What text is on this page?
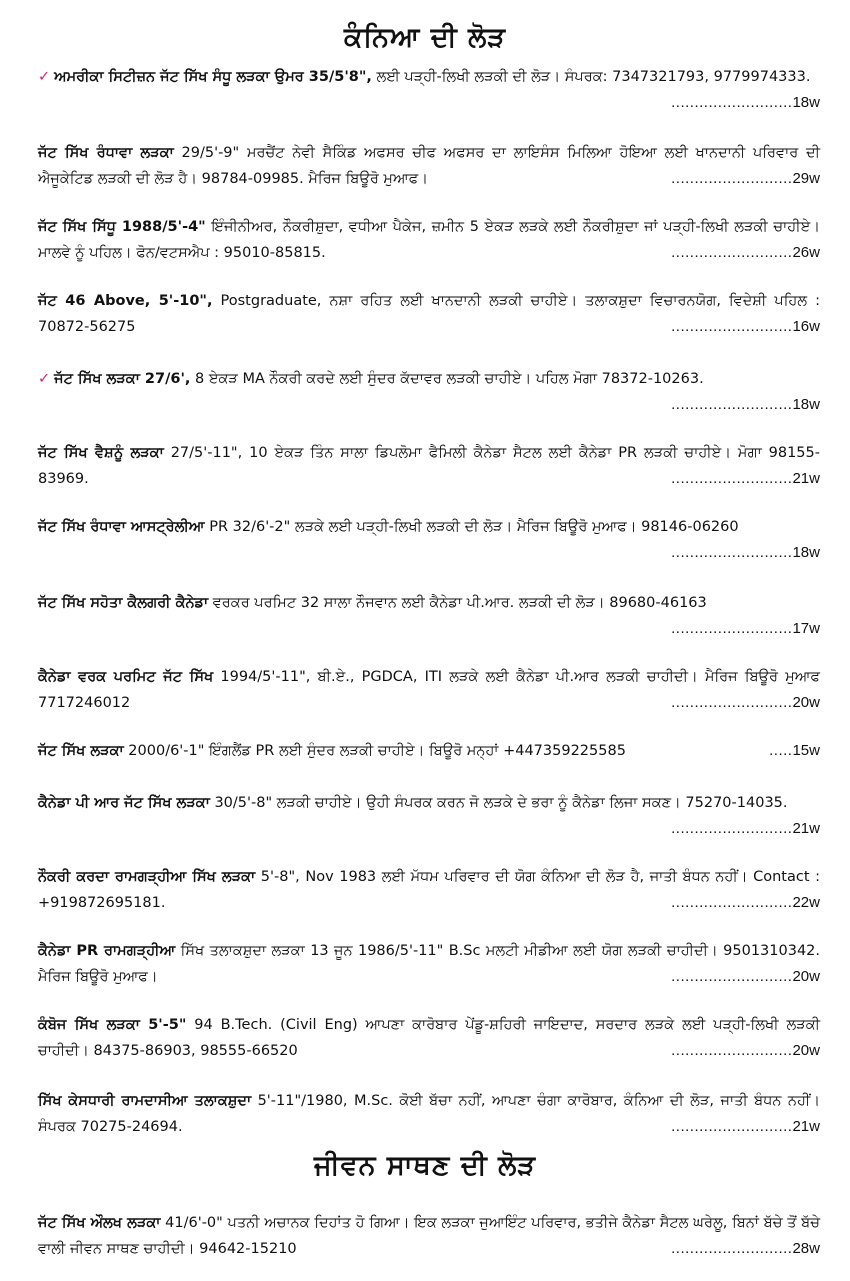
ਕੰਨਿਆ ਦੀ ਲੋੜ
✓ ਅਮਰੀਕਾ ਸਿਟੀਜ਼ਨ ਜੱਟ ਸਿੱਖ ਸੰਧੂ ਲੜਕਾ ਉਮਰ 35/5'8", ਲਈ ਪੜ੍ਹੀ-ਲਿਖੀ ਲੜਕੀ ਦੀ ਲੋੜ। ਸੰਪਰਕ: 7347321793, 9779974333.
..........................18w
ਜੱਟ ਸਿੱਖ ਰੰਧਾਵਾ ਲੜਕਾ 29/5'-9" ਮਰਚੈਂਟ ਨੇਵੀ ਸੈਕਿੰਡ ਅਫਸਰ ਚੀਫ ਅਫਸਰ ਦਾ ਲਾਇਸੰਸ ਮਿਲਿਆ ਹੋਇਆ ਲਈ ਖਾਨਦਾਨੀ ਪਰਿਵਾਰ ਦੀ ਐਜੂਕੇਟਿਡ ਲੜਕੀ ਦੀ ਲੋੜ ਹੈ। 98784-09985. ਮੈਰਿਜ ਬਿਊਰੋ ਮੁਆਫ।	..........................29w
ਜੱਟ ਸਿੱਖ ਸਿੱਧੂ 1988/5'-4" ਇੰਜੀਨੀਅਰ, ਨੌਕਰੀਸ਼ੁਦਾ, ਵਧੀਆ ਪੈਕੇਜ, ਜ਼ਮੀਨ 5 ਏਕੜ ਲੜਕੇ ਲਈ ਨੌਕਰੀਸ਼ੁਦਾ ਜਾਂ ਪੜ੍ਹੀ-ਲਿਖੀ ਲੜਕੀ ਚਾਹੀਏ। ਮਾਲਵੇ ਨੂੰ ਪਹਿਲ। ਫੋਨ/ਵਟਸਐਪ : 95010-85815.	..........................26w
ਜੱਟ 46 Above, 5'-10", Postgraduate, ਨਸ਼ਾ ਰਹਿਤ ਲਈ ਖਾਨਦਾਨੀ ਲੜਕੀ ਚਾਹੀਏ। ਤਲਾਕਸ਼ੁਦਾ ਵਿਚਾਰਨਯੋਗ, ਵਿਦੇਸ਼ੀ ਪਹਿਲ : 70872-56275	..........................16w
✓ ਜੱਟ ਸਿੱਖ ਲੜਕਾ 27/6', 8 ਏਕੜ MA ਨੌਕਰੀ ਕਰਦੇ ਲਈ ਸੁੰਦਰ ਕੱਦਾਵਰ ਲੜਕੀ ਚਾਹੀਏ। ਪਹਿਲ ਮੋਗਾ 78372-10263.
..........................18w
ਜੱਟ ਸਿੱਖ ਵੈਸ਼ਨੂੰ ਲੜਕਾ 27/5'-11", 10 ਏਕੜ ਤਿੰਨ ਸਾਲਾ ਡਿਪਲੋਮਾ ਫੈਮਿਲੀ ਕੈਨੇਡਾ ਸੈਟਲ ਲਈ ਕੈਨੇਡਾ PR ਲੜਕੀ ਚਾਹੀਏ। ਮੋਗਾ 98155-83969.	..........................21w
ਜੱਟ ਸਿੱਖ ਰੰਧਾਵਾ ਆਸਟ੍ਰੇਲੀਆ PR 32/6'-2" ਲੜਕੇ ਲਈ ਪੜ੍ਹੀ-ਲਿਖੀ ਲੜਕੀ ਦੀ ਲੋੜ। ਮੈਰਿਜ ਬਿਊਰੋ ਮੁਆਫ। 98146-06260
..........................18w
ਜੱਟ ਸਿੱਖ ਸਹੋਤਾ ਕੈਲਗਰੀ ਕੈਨੇਡਾ ਵਰਕਰ ਪਰਮਿਟ 32 ਸਾਲਾ ਨੌਜਵਾਨ ਲਈ ਕੈਨੇਡਾ ਪੀ.ਆਰ. ਲੜਕੀ ਦੀ ਲੋੜ। 89680-46163
..........................17w
ਕੈਨੇਡਾ ਵਰਕ ਪਰਮਿਟ ਜੱਟ ਸਿੱਖ 1994/5'-11", ਬੀ.ਏ., PGDCA, ITI ਲੜਕੇ ਲਈ ਕੈਨੇਡਾ ਪੀ.ਆਰ ਲੜਕੀ ਚਾਹੀਦੀ। ਮੈਰਿਜ ਬਿਊਰੋ ਮੁਆਫ 7717246012	..........................20w
ਜੱਟ ਸਿੱਖ ਲੜਕਾ 2000/6'-1" ਇੰਗਲੈਂਡ PR ਲਈ ਸੁੰਦਰ ਲੜਕੀ ਚਾਹੀਏ। ਬਿਊਰੋ ਮਨ੍ਹਾਂ +447359225585	.....15w
ਕੈਨੇਡਾ ਪੀ ਆਰ ਜੱਟ ਸਿੱਖ ਲੜਕਾ 30/5'-8" ਲੜਕੀ ਚਾਹੀਏ। ਉਹੀ ਸੰਪਰਕ ਕਰਨ ਜੋ ਲੜਕੇ ਦੇ ਭਰਾ ਨੂੰ ਕੈਨੇਡਾ ਲਿਜਾ ਸਕਣ। 75270-14035.
..........................21w
ਨੌਕਰੀ ਕਰਦਾ ਰਾਮਗੜ੍ਹੀਆ ਸਿੱਖ ਲੜਕਾ 5'-8", Nov 1983 ਲਈ ਮੱਧਮ ਪਰਿਵਾਰ ਦੀ ਯੋਗ ਕੰਨਿਆ ਦੀ ਲੋੜ ਹੈ, ਜਾਤੀ ਬੰਧਨ ਨਹੀਂ। Contact : +919872695181.	..........................22w
ਕੈਨੇਡਾ PR ਰਾਮਗੜ੍ਹੀਆ ਸਿੱਖ ਤਲਾਕਸ਼ੁਦਾ ਲੜਕਾ 13 ਜੂਨ 1986/5'-11" B.Sc ਮਲਟੀ ਮੀਡੀਆ ਲਈ ਯੋਗ ਲੜਕੀ ਚਾਹੀਦੀ। 9501310342. ਮੈਰਿਜ ਬਿਊਰੋ ਮੁਆਫ।	..........................20w
ਕੰਬੋਜ ਸਿੱਖ ਲੜਕਾ 5'-5" 94 B.Tech. (Civil Eng) ਆਪਣਾ ਕਾਰੋਬਾਰ ਪੇਂਡੂ-ਸ਼ਹਿਰੀ ਜਾਇਦਾਦ, ਸਰਦਾਰ ਲੜਕੇ ਲਈ ਪੜ੍ਹੀ-ਲਿਖੀ ਲੜਕੀ ਚਾਹੀਦੀ। 84375-86903, 98555-66520	..........................20w
ਸਿੱਖ ਕੇਸਧਾਰੀ ਰਾਮਦਾਸੀਆ ਤਲਾਕਸ਼ੁਦਾ 5'-11"/1980, M.Sc. ਕੋਈ ਬੱਚਾ ਨਹੀਂ, ਆਪਣਾ ਚੰਗਾ ਕਾਰੋਬਾਰ, ਕੰਨਿਆ ਦੀ ਲੋੜ, ਜਾਤੀ ਬੰਧਨ ਨਹੀਂ। ਸੰਪਰਕ 70275-24694.	..........................21w
ਜੀਵਨ ਸਾਥਣ ਦੀ ਲੋੜ
ਜੱਟ ਸਿੱਖ ਔਲਖ ਲੜਕਾ 41/6'-0" ਪਤਨੀ ਅਚਾਨਕ ਦਿਹਾਂਤ ਹੋ ਗਿਆ। ਇਕ ਲੜਕਾ ਜੁਆਇੰਟ ਪਰਿਵਾਰ, ਭਤੀਜੇ ਕੈਨੇਡਾ ਸੈਟਲ ਘਰੇਲੂ, ਬਿਨਾਂ ਬੱਚੇ ਤੋਂ ਬੱਚੇ ਵਾਲੀ ਜੀਵਨ ਸਾਥਣ ਚਾਹੀਦੀ। 94642-15210	..........................28w
